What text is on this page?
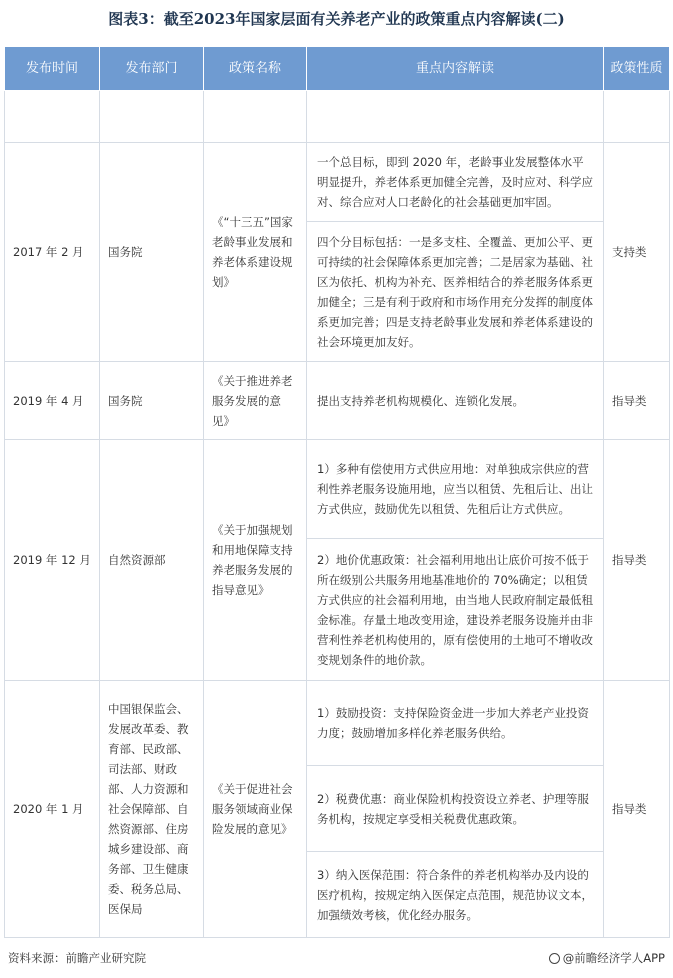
图表3：截至2023年国家层面有关养老产业的政策重点内容解读(二)
发布时间	发布部门	政策名称	重点内容解读	政策性质

2017 年 2 月	国务院	《“十三五”国家老龄事业发展和养老体系建设规划》	一个总目标，即到 2020 年，老龄事业发展整体水平明显提升，养老体系更加健全完善，及时应对、科学应对、综合应对人口老龄化的社会基础更加牢固。
四个分目标包括：一是多支柱、全覆盖、更加公平、更可持续的社会保障体系更加完善；二是居家为基础、社区为依托、机构为补充、医养相结合的养老服务体系更加健全；三是有利于政府和市场作用充分发挥的制度体系更加完善；四是支持老龄事业发展和养老体系建设的社会环境更加友好。	支持类
2019 年 4 月	国务院	《关于推进养老服务发展的意见》	提出支持养老机构规模化、连锁化发展。	指导类
2019 年 12 月	自然资源部	《关于加强规划和用地保障支持养老服务发展的指导意见》	1）多种有偿使用方式供应用地：对单独成宗供应的营利性养老服务设施用地，应当以租赁、先租后让、出让方式供应，鼓励优先以租赁、先租后让方式供应。
2）地价优惠政策：社会福利用地出让底价可按不低于所在级别公共服务用地基准地价的 70%确定；以租赁方式供应的社会福利用地，由当地人民政府制定最低租金标准。存量土地改变用途，建设养老服务设施并由非营利性养老机构使用的，原有偿使用的土地可不增收改变规划条件的地价款。	指导类
2020 年 1 月	中国银保监会、发展改革委、教育部、民政部、司法部、财政部、人力资源和社会保障部、自然资源部、住房城乡建设部、商务部、卫生健康委、税务总局、医保局	《关于促进社会服务领域商业保险发展的意见》	1）鼓励投资：支持保险资金进一步加大养老产业投资力度；鼓励增加多样化养老服务供给。
2）税费优惠：商业保险机构投资设立养老、护理等服务机构，按规定享受相关税费优惠政策。
3）纳入医保范围：符合条件的养老机构举办及内设的医疗机构，按规定纳入医保定点范围，规范协议文本，加强绩效考核，优化经办服务。	指导类
资料来源：前瞻产业研究院	@前瞻经济学人APP
